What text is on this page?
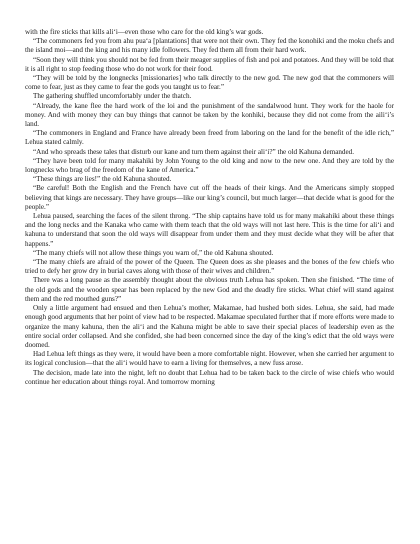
with the fire sticks that kills ali‘i—even those who care for the old king’s war gods.

“The commoners fed you from ahu pua‘a [plantations] that were not their own. They fed the konohiki and the moku chefs and the island moi—and the king and his many idle followers. They fed them all from their hard work.

“Soon they will think you should not be fed from their meager supplies of fish and poi and potatoes. And they will be told that it is all right to stop feeding those who do not work for their food.

“They will be told by the longnecks [missionaries] who talk directly to the new god. The new god that the commoners will come to fear, just as they came to fear the gods you taught us to fear.”

The gathering shuffled uncomfortably under the thatch.

“Already, the kane flee the hard work of the loi and the punishment of the sandalwood hunt. They work for the haole for money. And with money they can buy things that cannot be taken by the konhiki, because they did not come from the aili‘i’s land.

“The commoners in England and France have already been freed from laboring on the land for the benefit of the idle rich,” Lehua stated calmly.

“And who spreads these tales that disturb our kane and turn them against their ali‘i?” the old Kahuna demanded.

“They have been told for many makahiki by John Young to the old king and now to the new one. And they are told by the longnecks who brag of the freedom of the kane of America.”

“These things are lies!” the old Kahuna shouted.

“Be careful! Both the English and the French have cut off the heads of their kings. And the Americans simply stopped believing that kings are necessary. They have groups—like our king’s council, but much larger—that decide what is good for the people.”

Lehua paused, searching the faces of the silent throng. “The ship captains have told us for many makahiki about these things and the long necks and the Kanaka who came with them teach that the old ways will not last here. This is the time for ali‘i and kahuna to understand that soon the old ways will disappear from under them and they must decide what they will be after that happens.”

“The many chiefs will not allow these things you warn of,” the old Kahuna shouted.

“The many chiefs are afraid of the power of the Queen. The Queen does as she pleases and the bones of the few chiefs who tried to defy her grow dry in burial caves along with those of their wives and children.”

There was a long pause as the assembly thought about the obvious truth Lehua has spoken. Then she finished. “The time of the old gods and the wooden spear has been replaced by the new God and the deadly fire sticks. What chief will stand against them and the red mouthed guns?”

Only a little argument had ensued and then Lehua’s mother, Makamae, had hushed both sides. Lehua, she said, had made enough good arguments that her point of view had to be respected. Makamae speculated further that if more efforts were made to organize the many kahuna, then the ali‘i and the Kahuna might be able to save their special places of leadership even as the entire social order collapsed. And she confided, she had been concerned since the day of the king’s edict that the old ways were doomed.

Had Lehua left things as they were, it would have been a more comfortable night. However, when she carried her argument to its logical conclusion—that the ali‘i would have to earn a living for themselves, a new fuss arose.

The decision, made late into the night, left no doubt that Lehua had to be taken back to the circle of wise chiefs who would continue her education about things royal. And tomorrow morning
